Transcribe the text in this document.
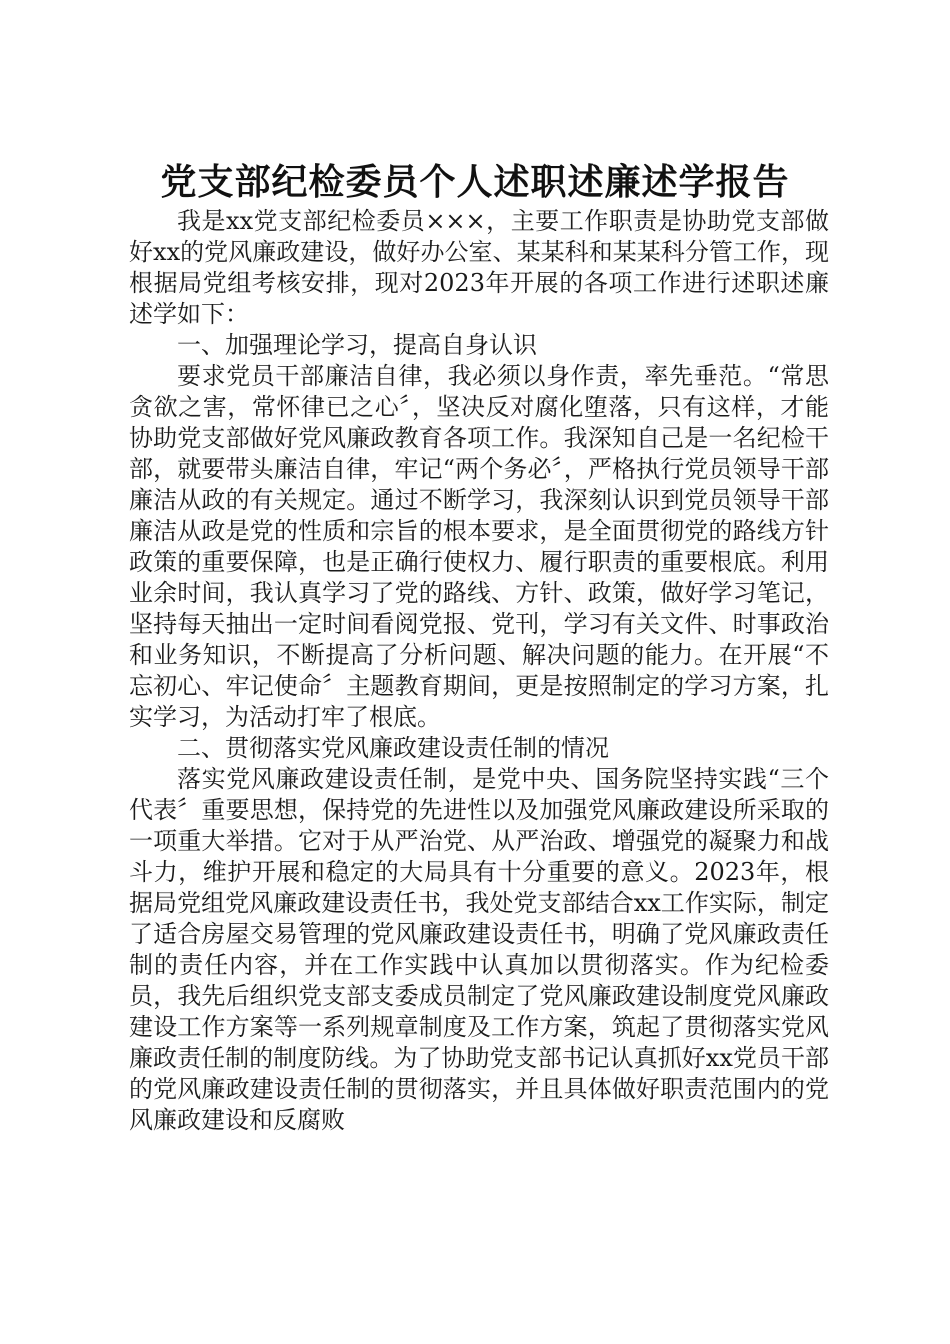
党支部纪检委员个人述职述廉述学报告

我是xx党支部纪检委员×××，主要工作职责是协助党支部做好xx的党风廉政建设，做好办公室、某某科和某某科分管工作，现根据局党组考核安排，现对2023年开展的各项工作进行述职述廉述学如下：

一、加强理论学习，提高自身认识

要求党员干部廉洁自律，我必须以身作责，率先垂范。“常思贪欲之害，常怀律已之心〞，坚决反对腐化堕落，只有这样，才能协助党支部做好党风廉政教育各项工作。我深知自己是一名纪检干部，就要带头廉洁自律，牢记“两个务必〞，严格执行党员领导干部廉洁从政的有关规定。通过不断学习，我深刻认识到党员领导干部廉洁从政是党的性质和宗旨的根本要求，是全面贯彻党的路线方针政策的重要保障，也是正确行使权力、履行职责的重要根底。利用业余时间，我认真学习了党的路线、方针、政策，做好学习笔记，坚持每天抽出一定时间看阅党报、党刊，学习有关文件、时事政治和业务知识，不断提高了分析问题、解决问题的能力。在开展“不忘初心、牢记使命〞主题教育期间，更是按照制定的学习方案，扎实学习，为活动打牢了根底。

二、贯彻落实党风廉政建设责任制的情况

落实党风廉政建设责任制，是党中央、国务院坚持实践“三个代表〞重要思想，保持党的先进性以及加强党风廉政建设所采取的一项重大举措。它对于从严治党、从严治政、增强党的凝聚力和战斗力，维护开展和稳定的大局具有十分重要的意义。2023年，根据局党组党风廉政建设责任书，我处党支部结合xx工作实际，制定了适合房屋交易管理的党风廉政建设责任书，明确了党风廉政责任制的责任内容，并在工作实践中认真加以贯彻落实。作为纪检委员，我先后组织党支部支委成员制定了党风廉政建设制度党风廉政建设工作方案等一系列规章制度及工作方案，筑起了贯彻落实党风廉政责任制的制度防线。为了协助党支部书记认真抓好xx党员干部的党风廉政建设责任制的贯彻落实，并且具体做好职责范围内的党风廉政建设和反腐败
